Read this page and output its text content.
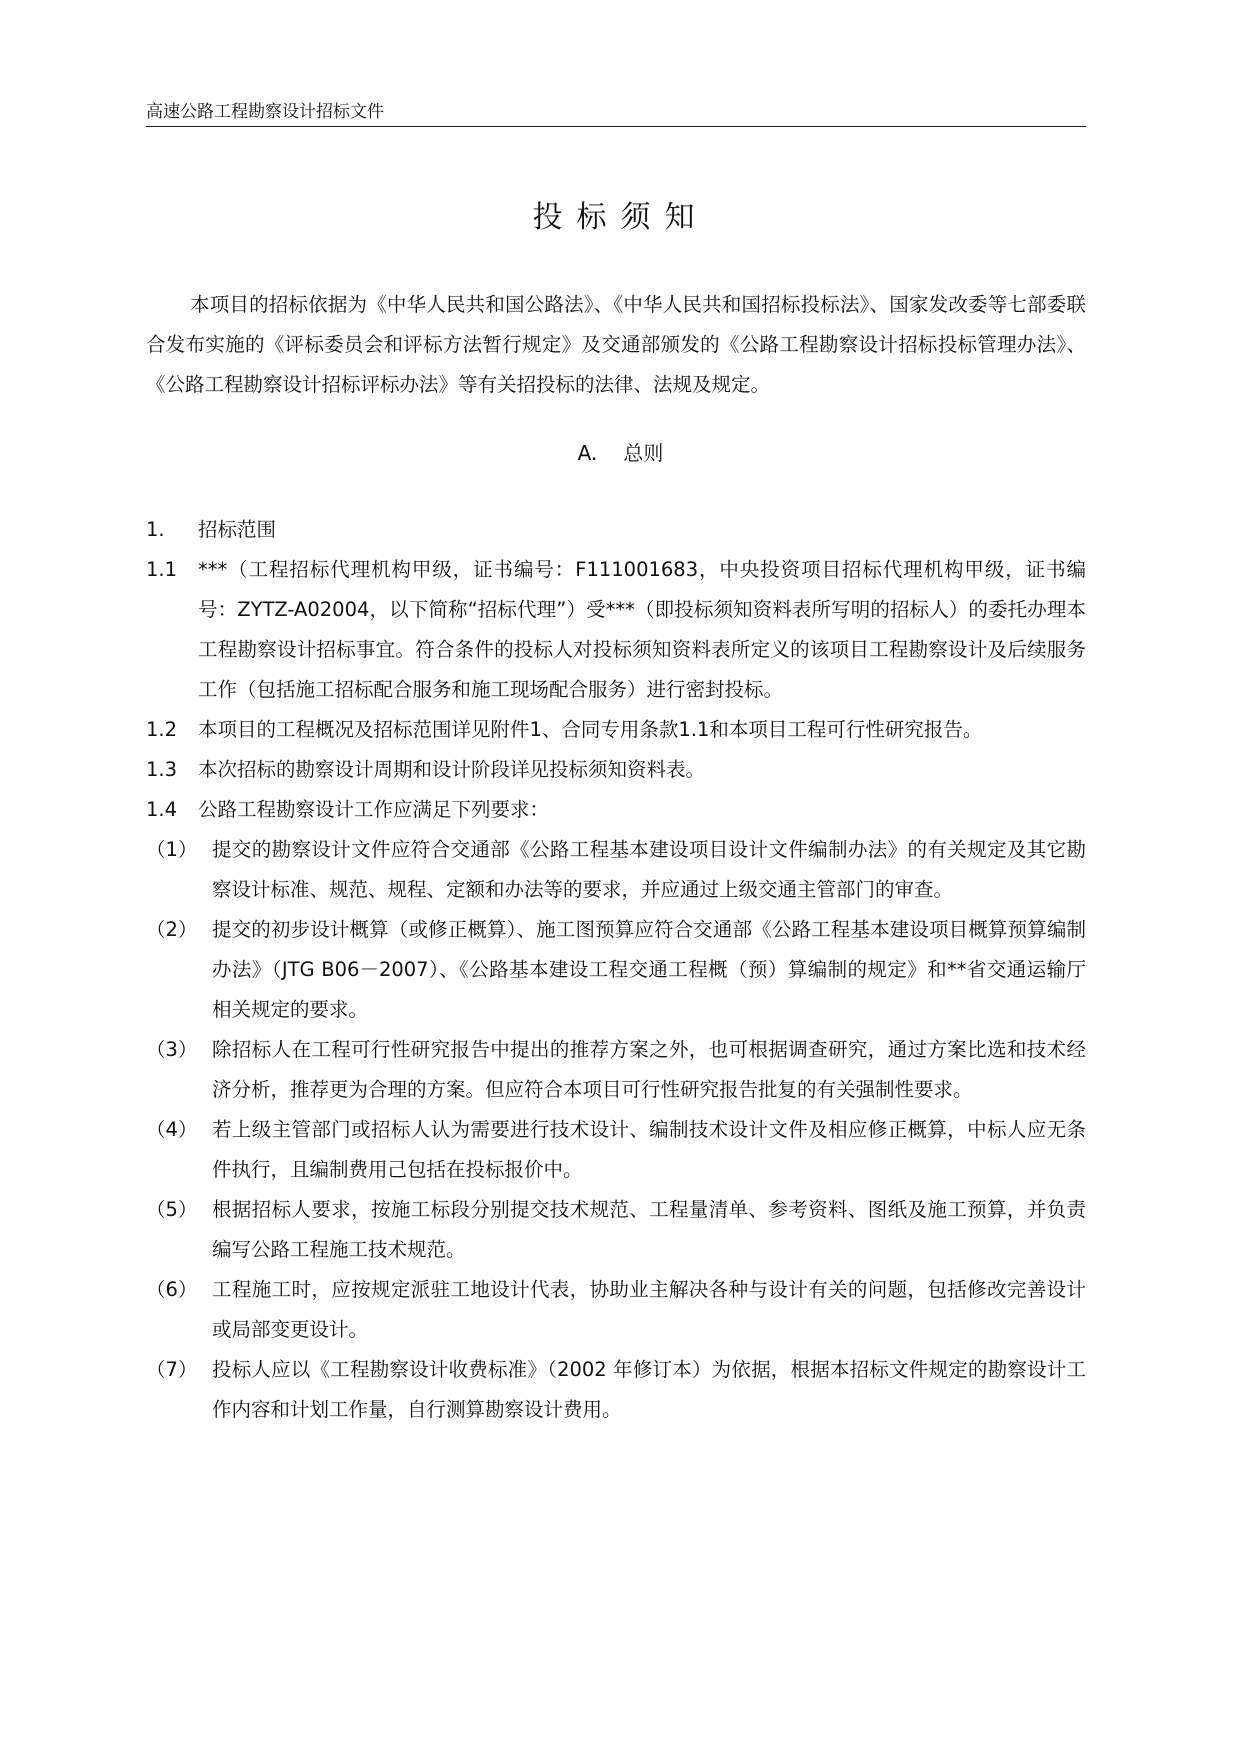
高速公路工程勘察设计招标文件
投标须知

本项目的招标依据为《中华人民共和国公路法》、《中华人民共和国招标投标法》、国家发改委等七部委联合发布实施的《评标委员会和评标方法暂行规定》及交通部颁发的《公路工程勘察设计招标投标管理办法》、《公路工程勘察设计招标评标办法》等有关招投标的法律、法规及规定。

A. 总则
1.	招标范围
1.1	***（工程招标代理机构甲级，证书编号：F111001683，中央投资项目招标代理机构甲级，证书编号：ZYTZ-A02004，以下简称“招标代理”）受***（即投标须知资料表所写明的招标人）的委托办理本工程勘察设计招标事宜。符合条件的投标人对投标须知资料表所定义的该项目工程勘察设计及后续服务工作（包括施工招标配合服务和施工现场配合服务）进行密封投标。
1.2	本项目的工程概况及招标范围详见附件1、合同专用条款1.1和本项目工程可行性研究报告。
1.3	本次招标的勘察设计周期和设计阶段详见投标须知资料表。
1.4	公路工程勘察设计工作应满足下列要求：
（1） 提交的勘察设计文件应符合交通部《公路工程基本建设项目设计文件编制办法》的有关规定及其它勘察设计标准、规范、规程、定额和办法等的要求，并应通过上级交通主管部门的审查。
（2） 提交的初步设计概算（或修正概算）、施工图预算应符合交通部《公路工程基本建设项目概算预算编制办法》（JTG B06－2007）、《公路基本建设工程交通工程概（预）算编制的规定》和**省交通运输厅相关规定的要求。
（3） 除招标人在工程可行性研究报告中提出的推荐方案之外，也可根据调查研究，通过方案比选和技术经济分析，推荐更为合理的方案。但应符合本项目可行性研究报告批复的有关强制性要求。
（4） 若上级主管部门或招标人认为需要进行技术设计、编制技术设计文件及相应修正概算，中标人应无条件执行，且编制费用己包括在投标报价中。
（5） 根据招标人要求，按施工标段分别提交技术规范、工程量清单、参考资料、图纸及施工预算，并负责编写公路工程施工技术规范。
（6） 工程施工时，应按规定派驻工地设计代表，协助业主解决各种与设计有关的问题，包括修改完善设计或局部变更设计。
（7） 投标人应以《工程勘察设计收费标准》（2002 年修订本）为依据，根据本招标文件规定的勘察设计工作内容和计划工作量，自行测算勘察设计费用。
